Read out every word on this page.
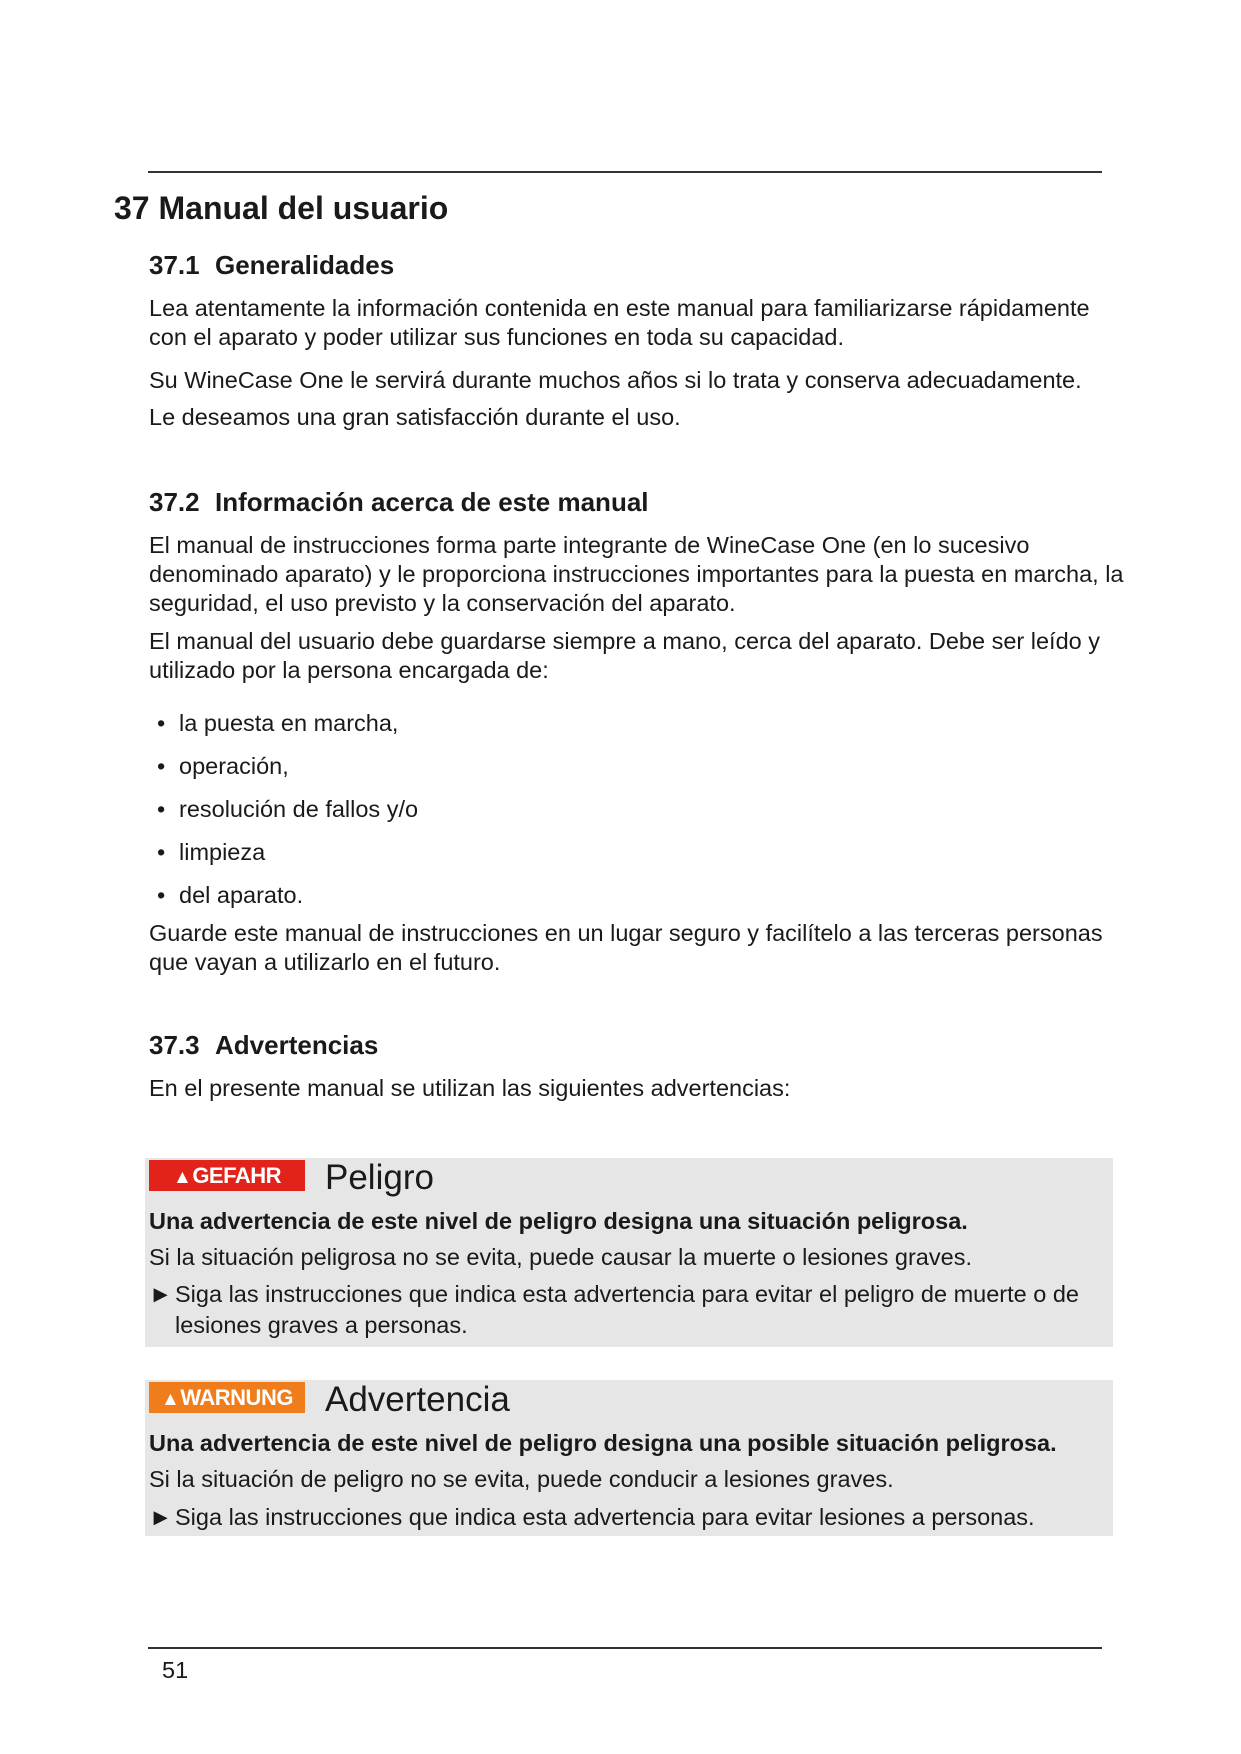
37 Manual del usuario
37.1 Generalidades

Lea atentamente la información contenida en este manual para familiarizarse rápidamente con el aparato y poder utilizar sus funciones en toda su capacidad.

Su WineCase One le servirá durante muchos años si lo trata y conserva adecuadamente.

Le deseamos una gran satisfacción durante el uso.

37.2 Información acerca de este manual

El manual de instrucciones forma parte integrante de WineCase One (en lo sucesivo denominado aparato) y le proporciona instrucciones importantes para la puesta en marcha, la seguridad, el uso previsto y la conservación del aparato.

El manual del usuario debe guardarse siempre a mano, cerca del aparato. Debe ser leído y utilizado por la persona encargada de:

• la puesta en marcha,
• operación,
• resolución de fallos y/o
• limpieza
• del aparato.

Guarde este manual de instrucciones en un lugar seguro y facilítelo a las terceras personas que vayan a utilizarlo en el futuro.

37.3 Advertencias

En el presente manual se utilizan las siguientes advertencias:

▲GEFAHR	Peligro

Una advertencia de este nivel de peligro designa una situación peligrosa.

Si la situación peligrosa no se evita, puede causar la muerte o lesiones graves.

► Siga las instrucciones que indica esta advertencia para evitar el peligro de muerte o de

lesiones graves a personas.

▲WARNUNG Advertencia

Una advertencia de este nivel de peligro designa una posible situación peligrosa.

Si la situación de peligro no se evita, puede conducir a lesiones graves.

► Siga las instrucciones que indica esta advertencia para evitar lesiones a personas.

51
